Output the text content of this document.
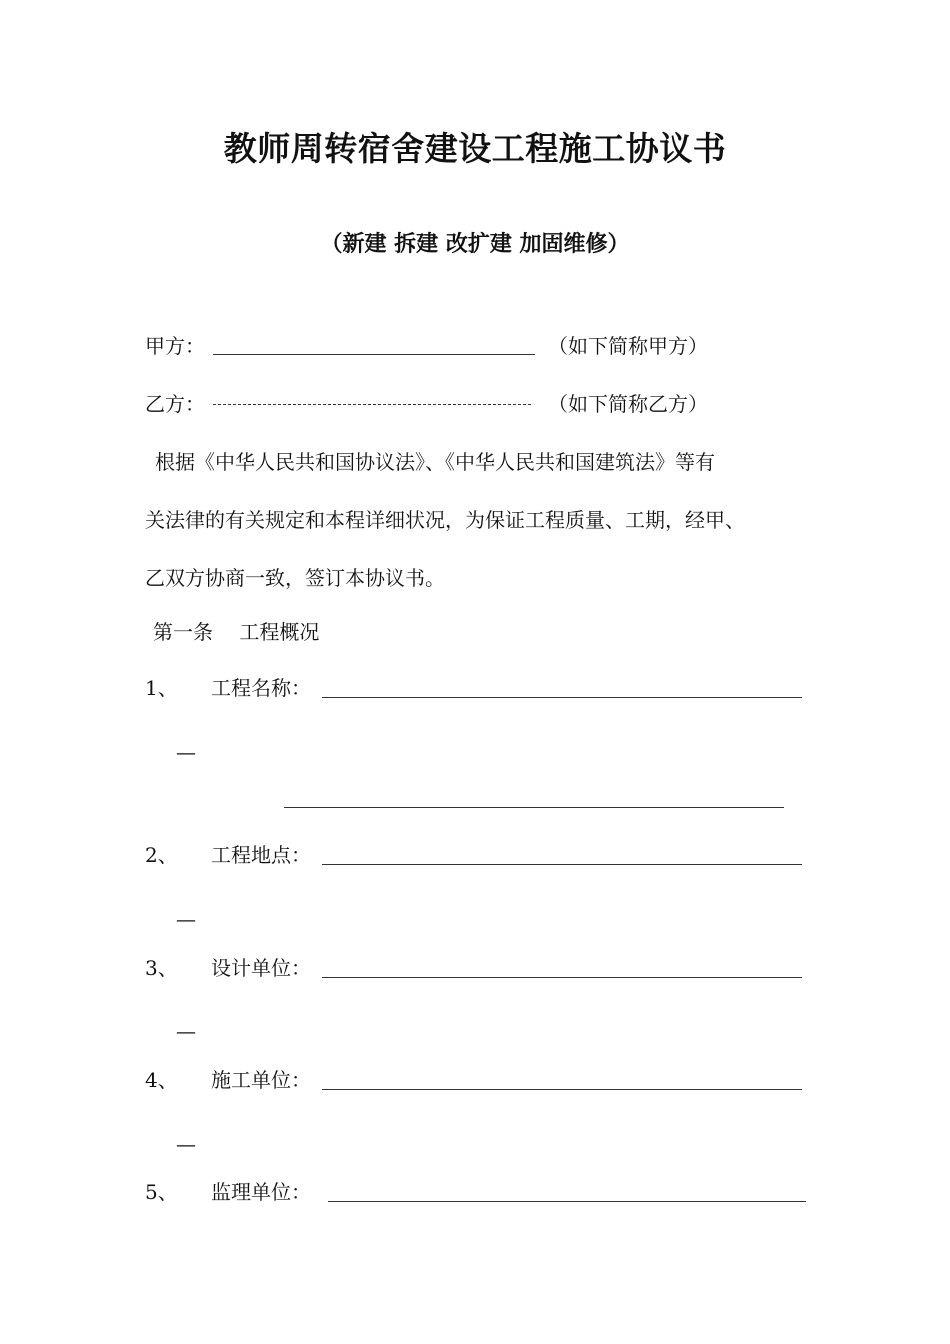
教师周转宿舍建设工程施工协议书
（新建 拆建 改扩建 加固维修）
甲方：	（如下简称甲方）
乙方：	（如下简称乙方）
根据《中华人民共和国协议法》、《中华人民共和国建筑法》等有
关法律的有关规定和本程详细状况，为保证工程质量、工期，经甲、
乙双方协商一致，签订本协议书。
第一条　 工程概况
1、 工程名称：
—
2、 工程地点：
—
3、 设计单位：
—
4、 施工单位：
—
5、 监理单位：
